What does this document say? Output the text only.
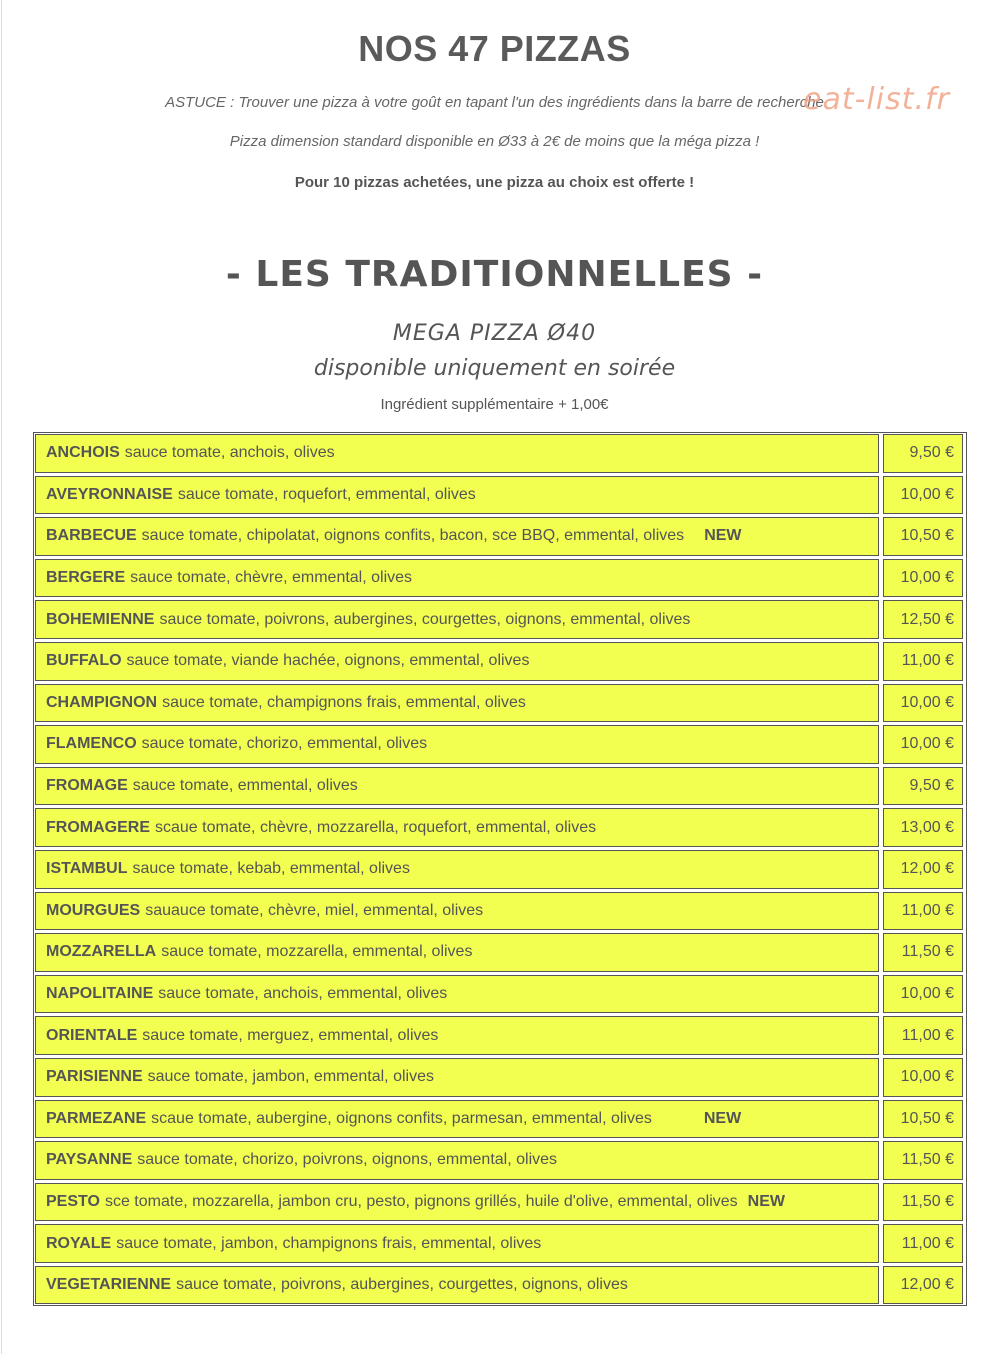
NOS 47 PIZZAS
ASTUCE : Trouver une pizza à votre goût en tapant l'un des ingrédients dans la barre de recherche
eat-list.fr
Pizza dimension standard disponible en Ø33 à 2€ de moins que la méga pizza !
Pour 10 pizzas achetées, une pizza au choix est offerte !
- LES TRADITIONNELLES -
MEGA PIZZA Ø40
disponible uniquement en soirée
Ingrédient supplémentaire + 1,00€
ANCHOIS sauce tomate, anchois, olives	9,50 €
AVEYRONNAISE sauce tomate, roquefort, emmental, olives	10,00 €
BARBECUE sauce tomate, chipolatat, oignons confits, bacon, sce BBQ, emmental, olives NEW	10,50 €
BERGERE sauce tomate, chèvre, emmental, olives	10,00 €
BOHEMIENNE sauce tomate, poivrons, aubergines, courgettes, oignons, emmental, olives	12,50 €
BUFFALO sauce tomate, viande hachée, oignons, emmental, olives	11,00 €
CHAMPIGNON sauce tomate, champignons frais, emmental, olives	10,00 €
FLAMENCO sauce tomate, chorizo, emmental, olives	10,00 €
FROMAGE sauce tomate, emmental, olives	9,50 €
FROMAGERE scaue tomate, chèvre, mozzarella, roquefort, emmental, olives	13,00 €
ISTAMBUL sauce tomate, kebab, emmental, olives	12,00 €
MOURGUES sauauce tomate, chèvre, miel, emmental, olives	11,00 €
MOZZARELLA sauce tomate, mozzarella, emmental, olives	11,50 €
NAPOLITAINE sauce tomate, anchois, emmental, olives	10,00 €
ORIENTALE sauce tomate, merguez, emmental, olives	11,00 €
PARISIENNE sauce tomate, jambon, emmental, olives	10,00 €
PARMEZANE scaue tomate, aubergine, oignons confits, parmesan, emmental, olives	NEW	10,50 €
PAYSANNE sauce tomate, chorizo, poivrons, oignons, emmental, olives	11,50 €
PESTO sce tomate, mozzarella, jambon cru, pesto, pignons grillés, huile d'olive, emmental, olives NEW	11,50 €
ROYALE sauce tomate, jambon, champignons frais, emmental, olives	11,00 €
VEGETARIENNE sauce tomate, poivrons, aubergines, courgettes, oignons, olives	12,00 €
